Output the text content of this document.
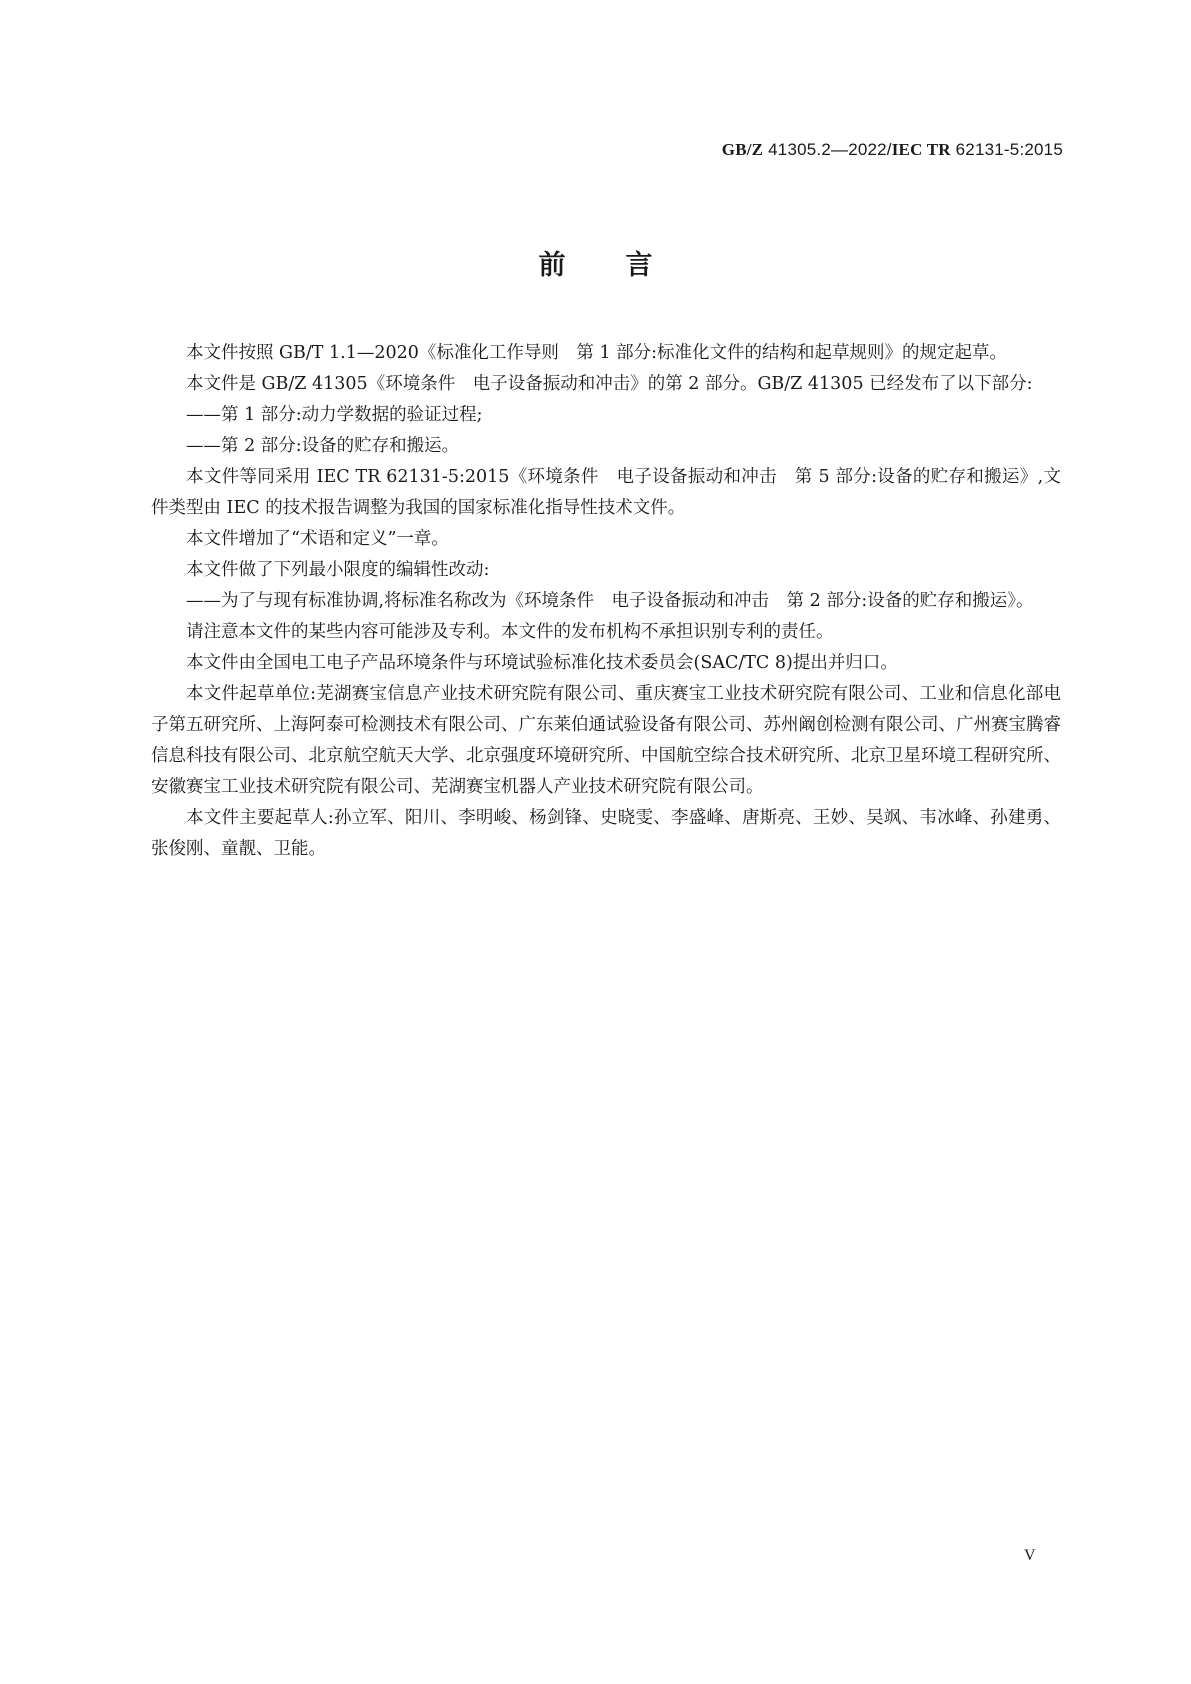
GB/Z 41305.2—2022/IEC TR 62131-5:2015
前言

本文件按照 GB/T 1.1—2020《标准化工作导则　第 1 部分:标准化文件的结构和起草规则》的规定起草。

本文件是 GB/Z 41305《环境条件　电子设备振动和冲击》的第 2 部分。GB/Z 41305 已经发布了以下部分:

——第 1 部分:动力学数据的验证过程;

——第 2 部分:设备的贮存和搬运。

本文件等同采用 IEC TR 62131-5:2015《环境条件　电子设备振动和冲击　第 5 部分:设备的贮存和搬运》,文件类型由 IEC 的技术报告调整为我国的国家标准化指导性技术文件。

本文件增加了“术语和定义”一章。

本文件做了下列最小限度的编辑性改动:

——为了与现有标准协调,将标准名称改为《环境条件　电子设备振动和冲击　第 2 部分:设备的贮存和搬运》。

请注意本文件的某些内容可能涉及专利。本文件的发布机构不承担识别专利的责任。

本文件由全国电工电子产品环境条件与环境试验标准化技术委员会(SAC/TC 8)提出并归口。

本文件起草单位:芜湖赛宝信息产业技术研究院有限公司、重庆赛宝工业技术研究院有限公司、工业和信息化部电子第五研究所、上海阿泰可检测技术有限公司、广东莱伯通试验设备有限公司、苏州阚创检测有限公司、广州赛宝腾睿信息科技有限公司、北京航空航天大学、北京强度环境研究所、中国航空综合技术研究所、北京卫星环境工程研究所、安徽赛宝工业技术研究院有限公司、芜湖赛宝机器人产业技术研究院有限公司。

本文件主要起草人:孙立军、阳川、李明峻、杨剑锋、史晓雯、李盛峰、唐斯亮、王妙、吴飒、韦冰峰、孙建勇、张俊刚、童靓、卫能。

V
